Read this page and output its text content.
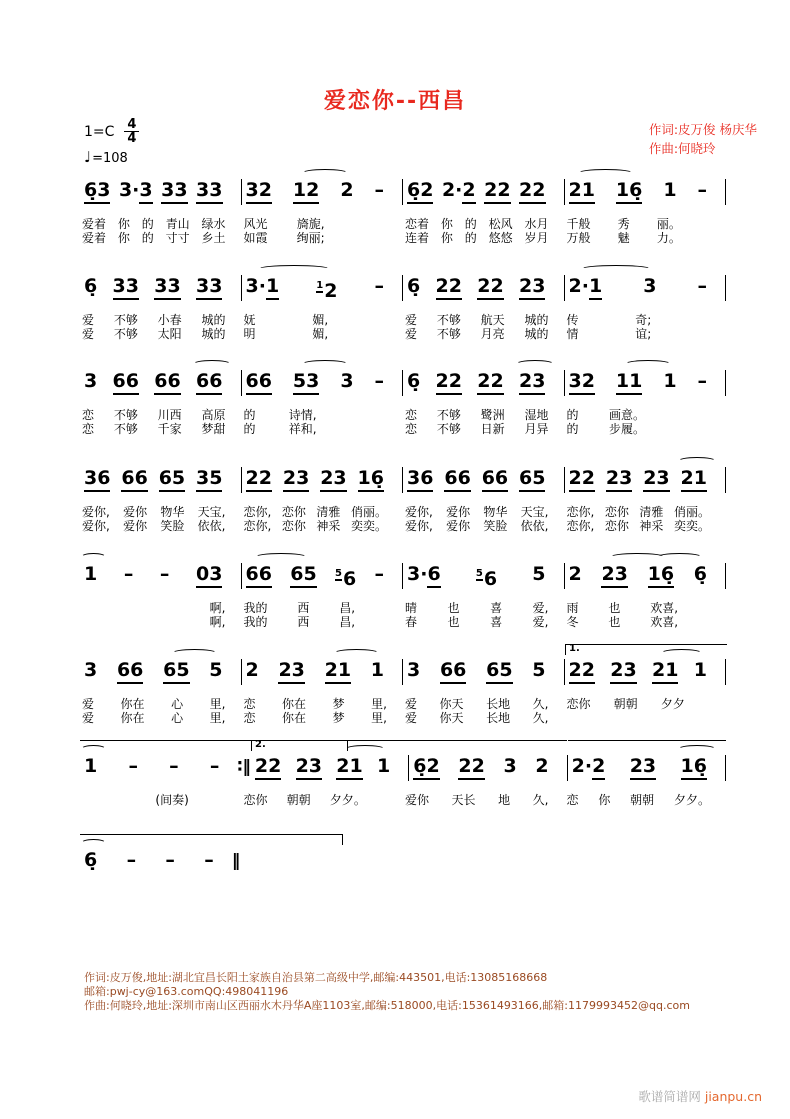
爱恋你--西昌
1=C 4
4
♩=108
作词:皮万俊 杨庆华
作曲:何晓玲
6̣3 3·3 33 33 32 12 2 – 6̣2 2·2 22 22 21 16̣ 1 –
爱着 你 的 青山 绿水 风光 旖旎,	恋着 你 的 松风 水月 千般 秀 丽。
爱着 你 的 寸寸 乡土 如霞 绚丽;	连着 你 的 悠悠 岁月 万般 魅 力。
6̣ 33 33 33 3·1	$^1$2 – 6̣ 22 22 23 2·1 3 –
爱 不够 小春 城的 妩	媚,	爱 不够 航天 城的 传	奇;
爱 不够 太阳 城的 明	媚,	爱 不够 月亮 城的 情	谊;
3 66 66 66 66 53 3 – 6̣ 22 22 23 32 11 1 –
恋 不够 川西 高原 的	诗情,	恋 不够 鹭洲 湿地 的	画意。
恋 不够 千家 梦甜 的	祥和,	恋 不够 日新 月异 的	步履。
36 66 65 35 22 23 23 16̣ 36 66 66 65 22 23 23 21
爱你, 爱你 物华 天宝, 恋你, 恋你 清雅 俏丽。 爱你, 爱你 物华 天宝, 恋你, 恋你 清雅 俏丽。
爱你, 爱你 笑脸 依依, 恋你, 恋你 神采 奕奕。 爱你, 爱你 笑脸 依依, 恋你, 恋你 神采 奕奕。
1 – – 03 66 65 $^5$6 – 3·6	$^5$6 5 2 23 16̣ 6̣
啊, 我的 西 昌,	晴	也	喜	爱, 雨 也 欢喜,
啊, 我的 西 昌,	春	也	喜	爱, 冬 也 欢喜,
3 66 65 5 2 23 21 1 3 66 65 5 22 23 21 1
1.
爱 你在 心 里, 恋 你在 梦 里, 爱 你天 长地 久, 恋你 朝朝 夕夕
爱 你在 心 里, 恋 你在 梦 里, 爱 你天 长地 久,
1 – – – ∶‖ 22 23 21 1 6̣2 22 3 2 2·2 23 16̣
2.
(间奏)	恋你 朝朝 夕夕。	爱你 天长 地 久, 恋 你 朝朝 夕夕。
6̣ – – – ‖
作词:皮万俊,地址:湖北宜昌长阳土家族自治县第二高级中学,邮编:443501,电话:13085168668
邮箱:pwj-cy@163.comQQ:498041196
作曲:何晓玲,地址:深圳市南山区西丽水木丹华A座1103室,邮编:518000,电话:15361493166,邮箱:1179993452@qq.com
歌谱简谱网 jianpu.cn
